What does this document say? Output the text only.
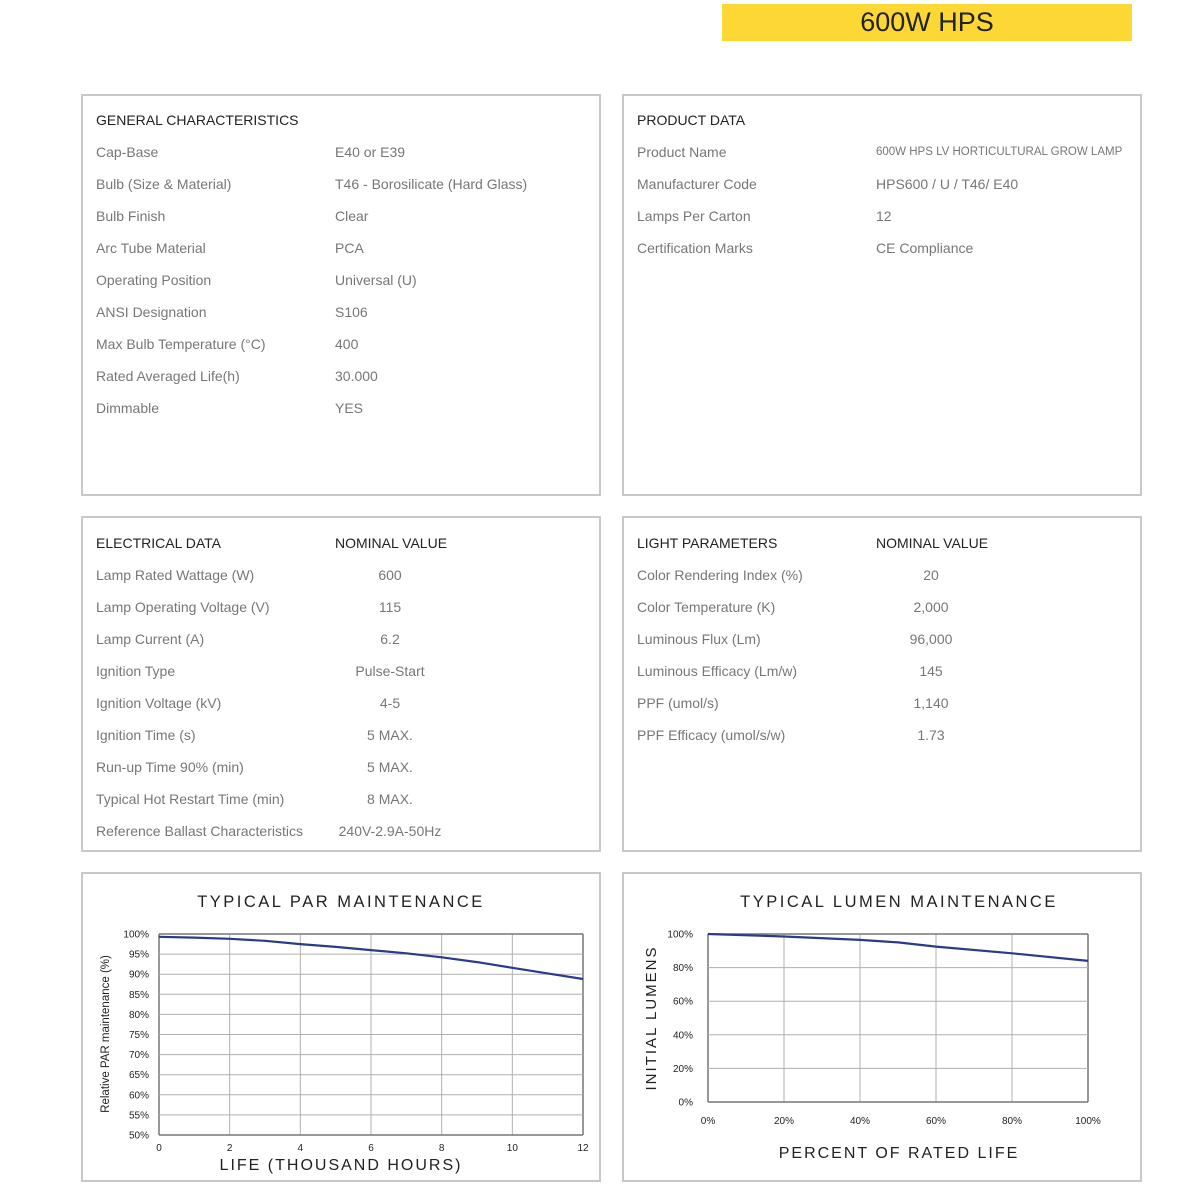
600W HPS
GENERAL CHARACTERISTICS
Cap-Base	E40 or E39
Bulb (Size & Material)	T46 - Borosilicate (Hard Glass)
Bulb Finish	Clear
Arc Tube Material	PCA
Operating Position	Universal (U)
ANSI Designation	S106
Max Bulb Temperature (°C)	400
Rated Averaged Life(h)	30.000
Dimmable	YES
PRODUCT DATA
Product Name	600W HPS LV HORTICULTURAL GROW LAMP
Manufacturer Code	HPS600 / U / T46/ E40
Lamps Per Carton	12
Certification Marks	CE Compliance
ELECTRICAL DATA	NOMINAL VALUE
Lamp Rated Wattage (W)	600
Lamp Operating Voltage (V)	115
Lamp Current (A)	6.2
Ignition Type	Pulse-Start
Ignition Voltage (kV)	4-5
Ignition Time (s)	5 MAX.
Run-up Time 90% (min)	5 MAX.
Typical Hot Restart Time (min)	8 MAX.
Reference Ballast Characteristics	240V-2.9A-50Hz
LIGHT PARAMETERS	NOMINAL VALUE
Color Rendering Index (%)	20
Color Temperature (K)	2,000
Luminous Flux (Lm)	96,000
Luminous Efficacy (Lm/w)	145
PPF (umol/s)	1,140
PPF Efficacy (umol/s/w)	1.73
TYPICAL PAR MAINTENANCE
100%
95%
90%
85%
80%
75%
70%
65%
60%
55%
50%
0	2	4	6	8	10	12
LIFE (THOUSAND HOURS)
Relative PAR maintenance (%)
TYPICAL LUMEN MAINTENANCE
100%
80%
60%
40%
20%
0%
0%	20%	40%	60%	80%	100%
PERCENT OF RATED LIFE
INITIAL LUMENS
